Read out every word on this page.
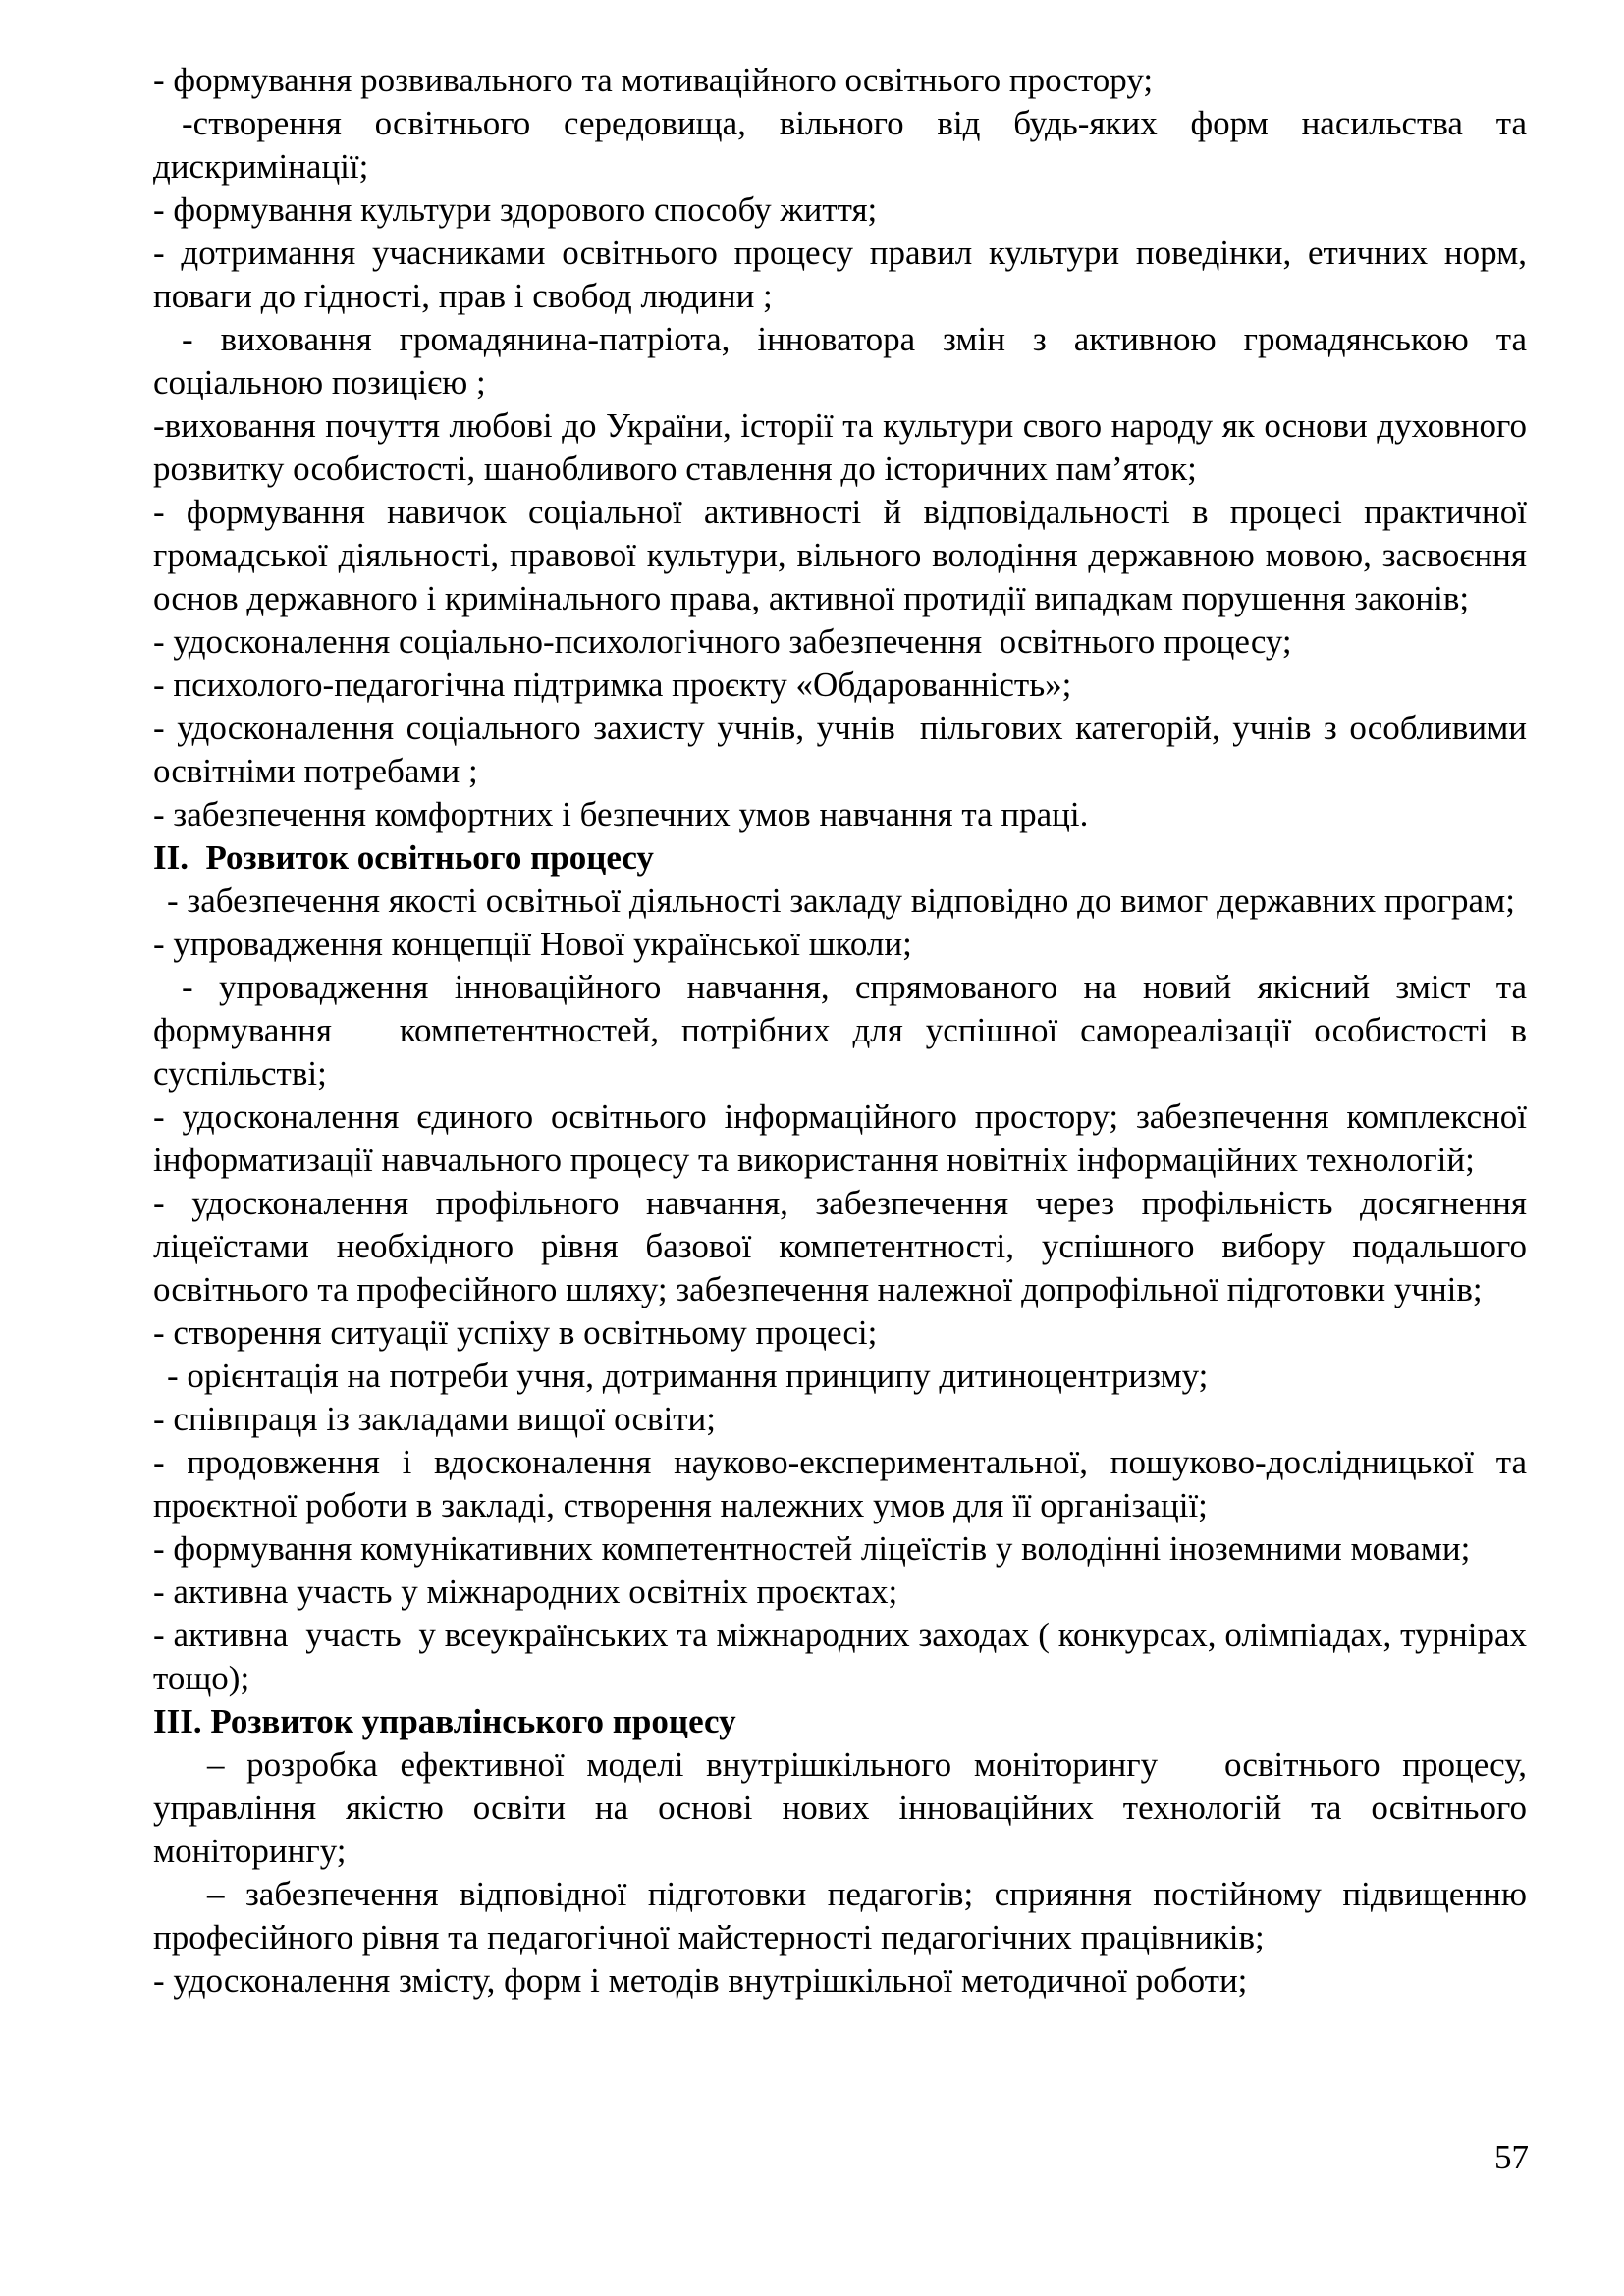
- формування розвивального та мотиваційного освітнього простору;

-створення освітнього середовища, вільного від будь-яких форм насильства та дискримінації;

- формування культури здорового способу життя;

- дотримання учасниками освітнього процесу правил культури поведінки, етичних норм, поваги до гідності, прав і свобод людини ;

- виховання громадянина-патріота, інноватора змін з активною громадянською та соціальною позицією ;

-виховання почуття любові до України, історії та культури свого народу як основи духовного розвитку особистості, шанобливого ставлення до історичних пам’яток;

- формування навичок соціальної активності й відповідальності в процесі практичної громадської діяльності, правової культури, вільного володіння державною мовою, засвоєння основ державного і кримінального права, активної протидії випадкам порушення законів;

- удосконалення соціально-психологічного забезпечення  освітнього процесу;

- психолого-педагогічна підтримка проєкту «Обдарованність»;

- удосконалення соціального захисту учнів, учнів  пільгових категорій, учнів з особливими освітніми потребами ;

- забезпечення комфортних і безпечних умов навчання та праці.

II.  Розвиток освітнього процесу

- забезпечення якості освітньої діяльності закладу відповідно до вимог державних програм;

- упровадження концепції Нової української школи;

- упровадження інноваційного навчання, спрямованого на новий якісний зміст та формування   компетентностей, потрібних для успішної самореалізації особистості в суспільстві;

- удосконалення єдиного освітнього інформаційного простору; забезпечення комплексної інформатизації навчального процесу та використання новітніх інформаційних технологій;

- удосконалення профільного навчання, забезпечення через профільність досягнення ліцеїстами необхідного рівня базової компетентності, успішного вибору подальшого освітнього та професійного шляху; забезпечення належної допрофільної підготовки учнів;

- створення ситуації успіху в освітньому процесі;

- орієнтація на потреби учня, дотримання принципу дитиноцентризму;

- співпраця із закладами вищої освіти;

- продовження і вдосконалення науково-експериментальної, пошуково-дослідницької та проєктної роботи в закладі, створення належних умов для її організації;

- формування комунікативних компетентностей ліцеїстів у володінні іноземними мовами;

- активна участь у міжнародних освітніх проєктах;

- активна  участь  у всеукраїнських та міжнародних заходах ( конкурсах, олімпіадах, турнірах тощо);

III. Розвиток управлінського процесу

– розробка ефективної моделі внутрішкільного моніторингу   освітнього процесу, управління якістю освіти на основі нових інноваційних технологій та освітнього моніторингу;

– забезпечення відповідної підготовки педагогів; сприяння постійному підвищенню професійного рівня та педагогічної майстерності педагогічних працівників;

- удосконалення змісту, форм і методів внутрішкільної методичної роботи;

57
